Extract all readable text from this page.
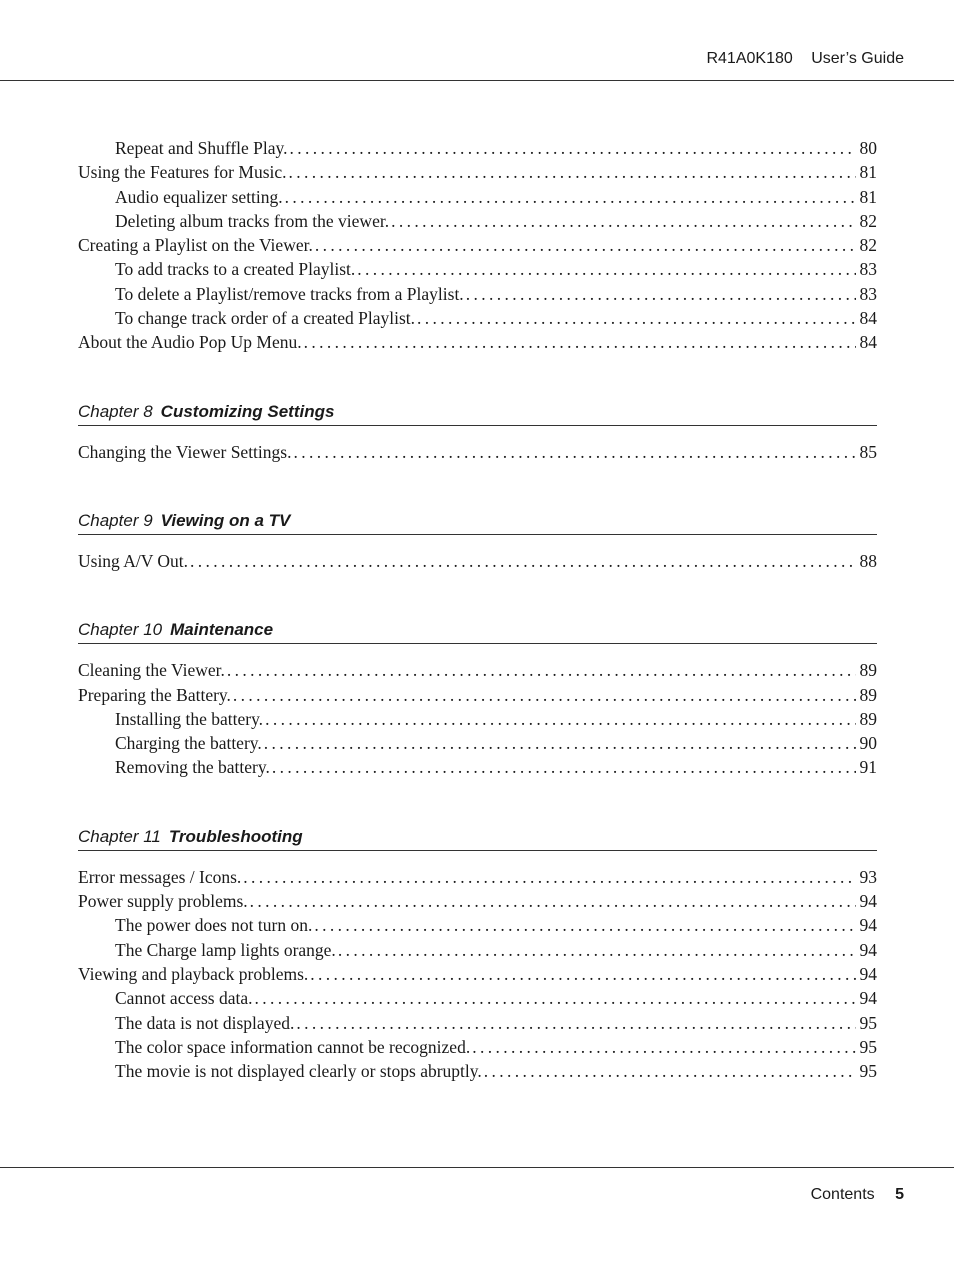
R41A0K180 User’s Guide
Repeat and Shuffle Play. . . .	80
Using the Features for Music. . . .	81
Audio equalizer setting. . . .	81
Deleting album tracks from the viewer. . . .	82
Creating a Playlist on the Viewer. . . .	82
To add tracks to a created Playlist. . . .	83
To delete a Playlist/remove tracks from a Playlist. . . .	83
To change track order of a created Playlist. . . .	84
About the Audio Pop Up Menu. . . .	84
Chapter 8 Customizing Settings
Changing the Viewer Settings. . . .	85
Chapter 9 Viewing on a TV
Using A/V Out. . . .	88
Chapter 10 Maintenance
Cleaning the Viewer. . . .	89
Preparing the Battery. . . .	89
Installing the battery. . . .	89
Charging the battery. . . .	90
Removing the battery. . . .	91
Chapter 11 Troubleshooting
Error messages / Icons. . . .	93
Power supply problems. . . .	94
The power does not turn on. . . .	94
The Charge lamp lights orange. . . .	94
Viewing and playback problems. . . .	94
Cannot access data. . . .	94
The data is not displayed. . . .	95
The color space information cannot be recognized. . . .	95
The movie is not displayed clearly or stops abruptly. . . .	95
Contents 5
